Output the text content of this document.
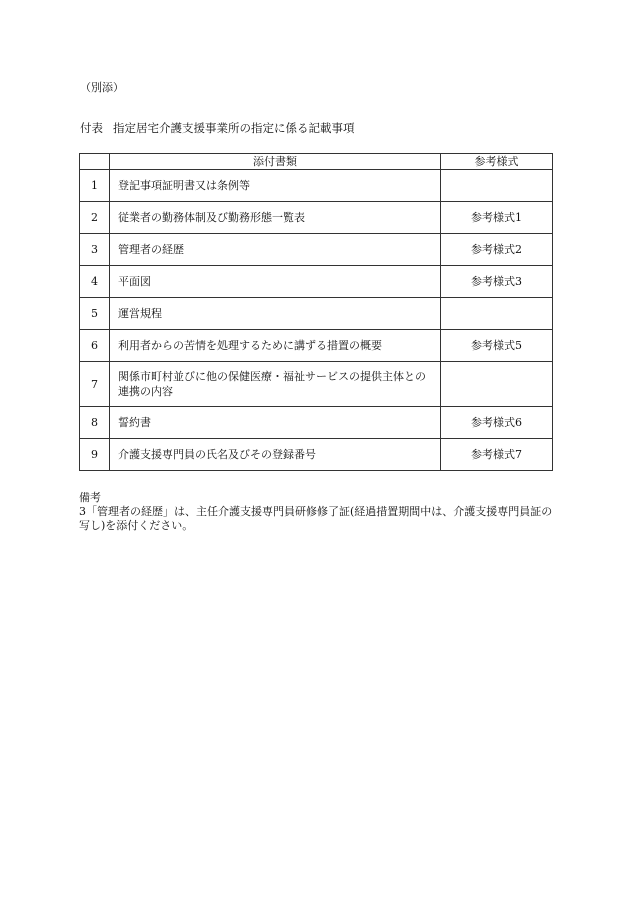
（別添）
付表 指定居宅介護支援事業所の指定に係る記載事項
	添付書類	参考様式
1	登記事項証明書又は条例等	
2	従業者の勤務体制及び勤務形態一覧表	参考様式1
3	管理者の経歴	参考様式2
4	平面図	参考様式3
5	運営規程	
6	利用者からの苦情を処理するために講ずる措置の概要	参考様式5
7	関係市町村並びに他の保健医療・福祉サービスの提供主体との連携の内容	
8	誓約書	参考様式6
9	介護支援専門員の氏名及びその登録番号	参考様式7
備考
3「管理者の経歴」は、主任介護支援専門員研修修了証(経過措置期間中は、介護支援専門員証の写し)を添付ください。
